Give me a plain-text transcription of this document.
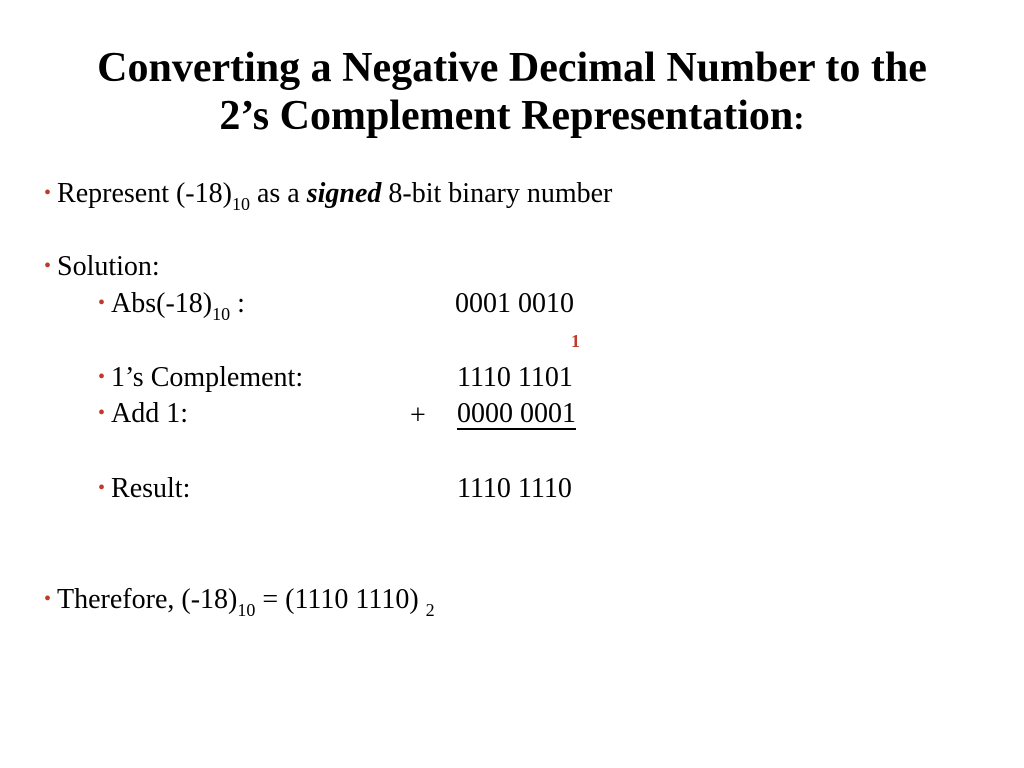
Converting a Negative Decimal Number to the
2’s Complement Representation:
• Represent $(-18)_{10}$ as a signed 8-bit binary number
• Solution:
• $Abs(-18)_{10}$ :	0001 0010
1
• 1’s Complement:	1110 1101
• Add 1:	+ 0000 0001
• Result:	1110 1110
• Therefore, $(-18)_{10} = (1110$ 1110) $_2$
